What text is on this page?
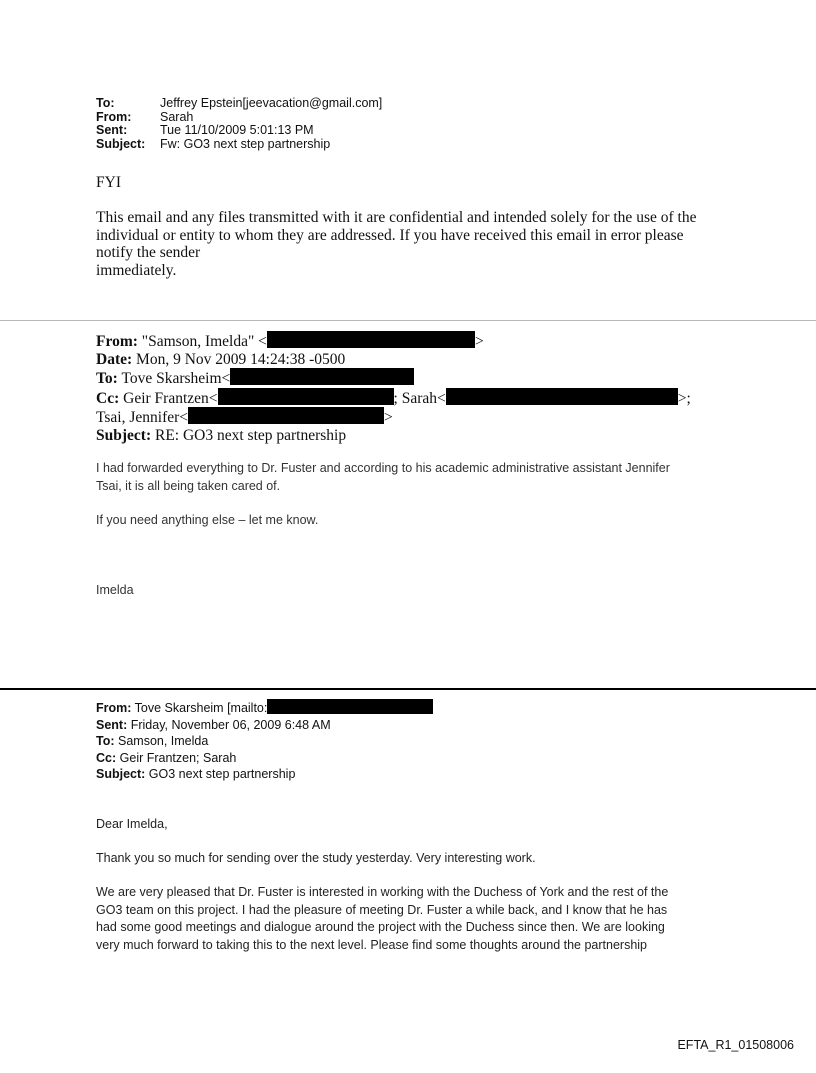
To:	Jeffrey Epstein[jeevacation@gmail.com]
From: Sarah
Sent:	Tue 11/10/2009 5:01:13 PM
Subject: Fw: GO3 next step partnership
FYI
This email and any files transmitted with it are confidential and intended solely for the use of the
individual or entity to whom they are addressed. If you have received this email in error please
notify the sender
immediately.
From: "Samson, Imelda" <	>
Date: Mon, 9 Nov 2009 14:24:38 -0500
To: Tove Skarsheim<
Cc: Geir Frantzen<	; Sarah<	>;
Tsai, Jennifer<	>
Subject: RE: GO3 next step partnership
I had forwarded everything to Dr. Fuster and according to his academic administrative assistant Jennifer
Tsai, it is all being taken cared of.
If you need anything else – let me know.
Imelda
From: Tove Skarsheim [mailto:
Sent: Friday, November 06, 2009 6:48 AM
To: Samson, Imelda
Cc: Geir Frantzen; Sarah
Subject: GO3 next step partnership
Dear Imelda,
Thank you so much for sending over the study yesterday. Very interesting work.
We are very pleased that Dr. Fuster is interested in working with the Duchess of York and the rest of the
GO3 team on this project. I had the pleasure of meeting Dr. Fuster a while back, and I know that he has
had some good meetings and dialogue around the project with the Duchess since then. We are looking
very much forward to taking this to the next level. Please find some thoughts around the partnership
EFTA_R1_01508006
